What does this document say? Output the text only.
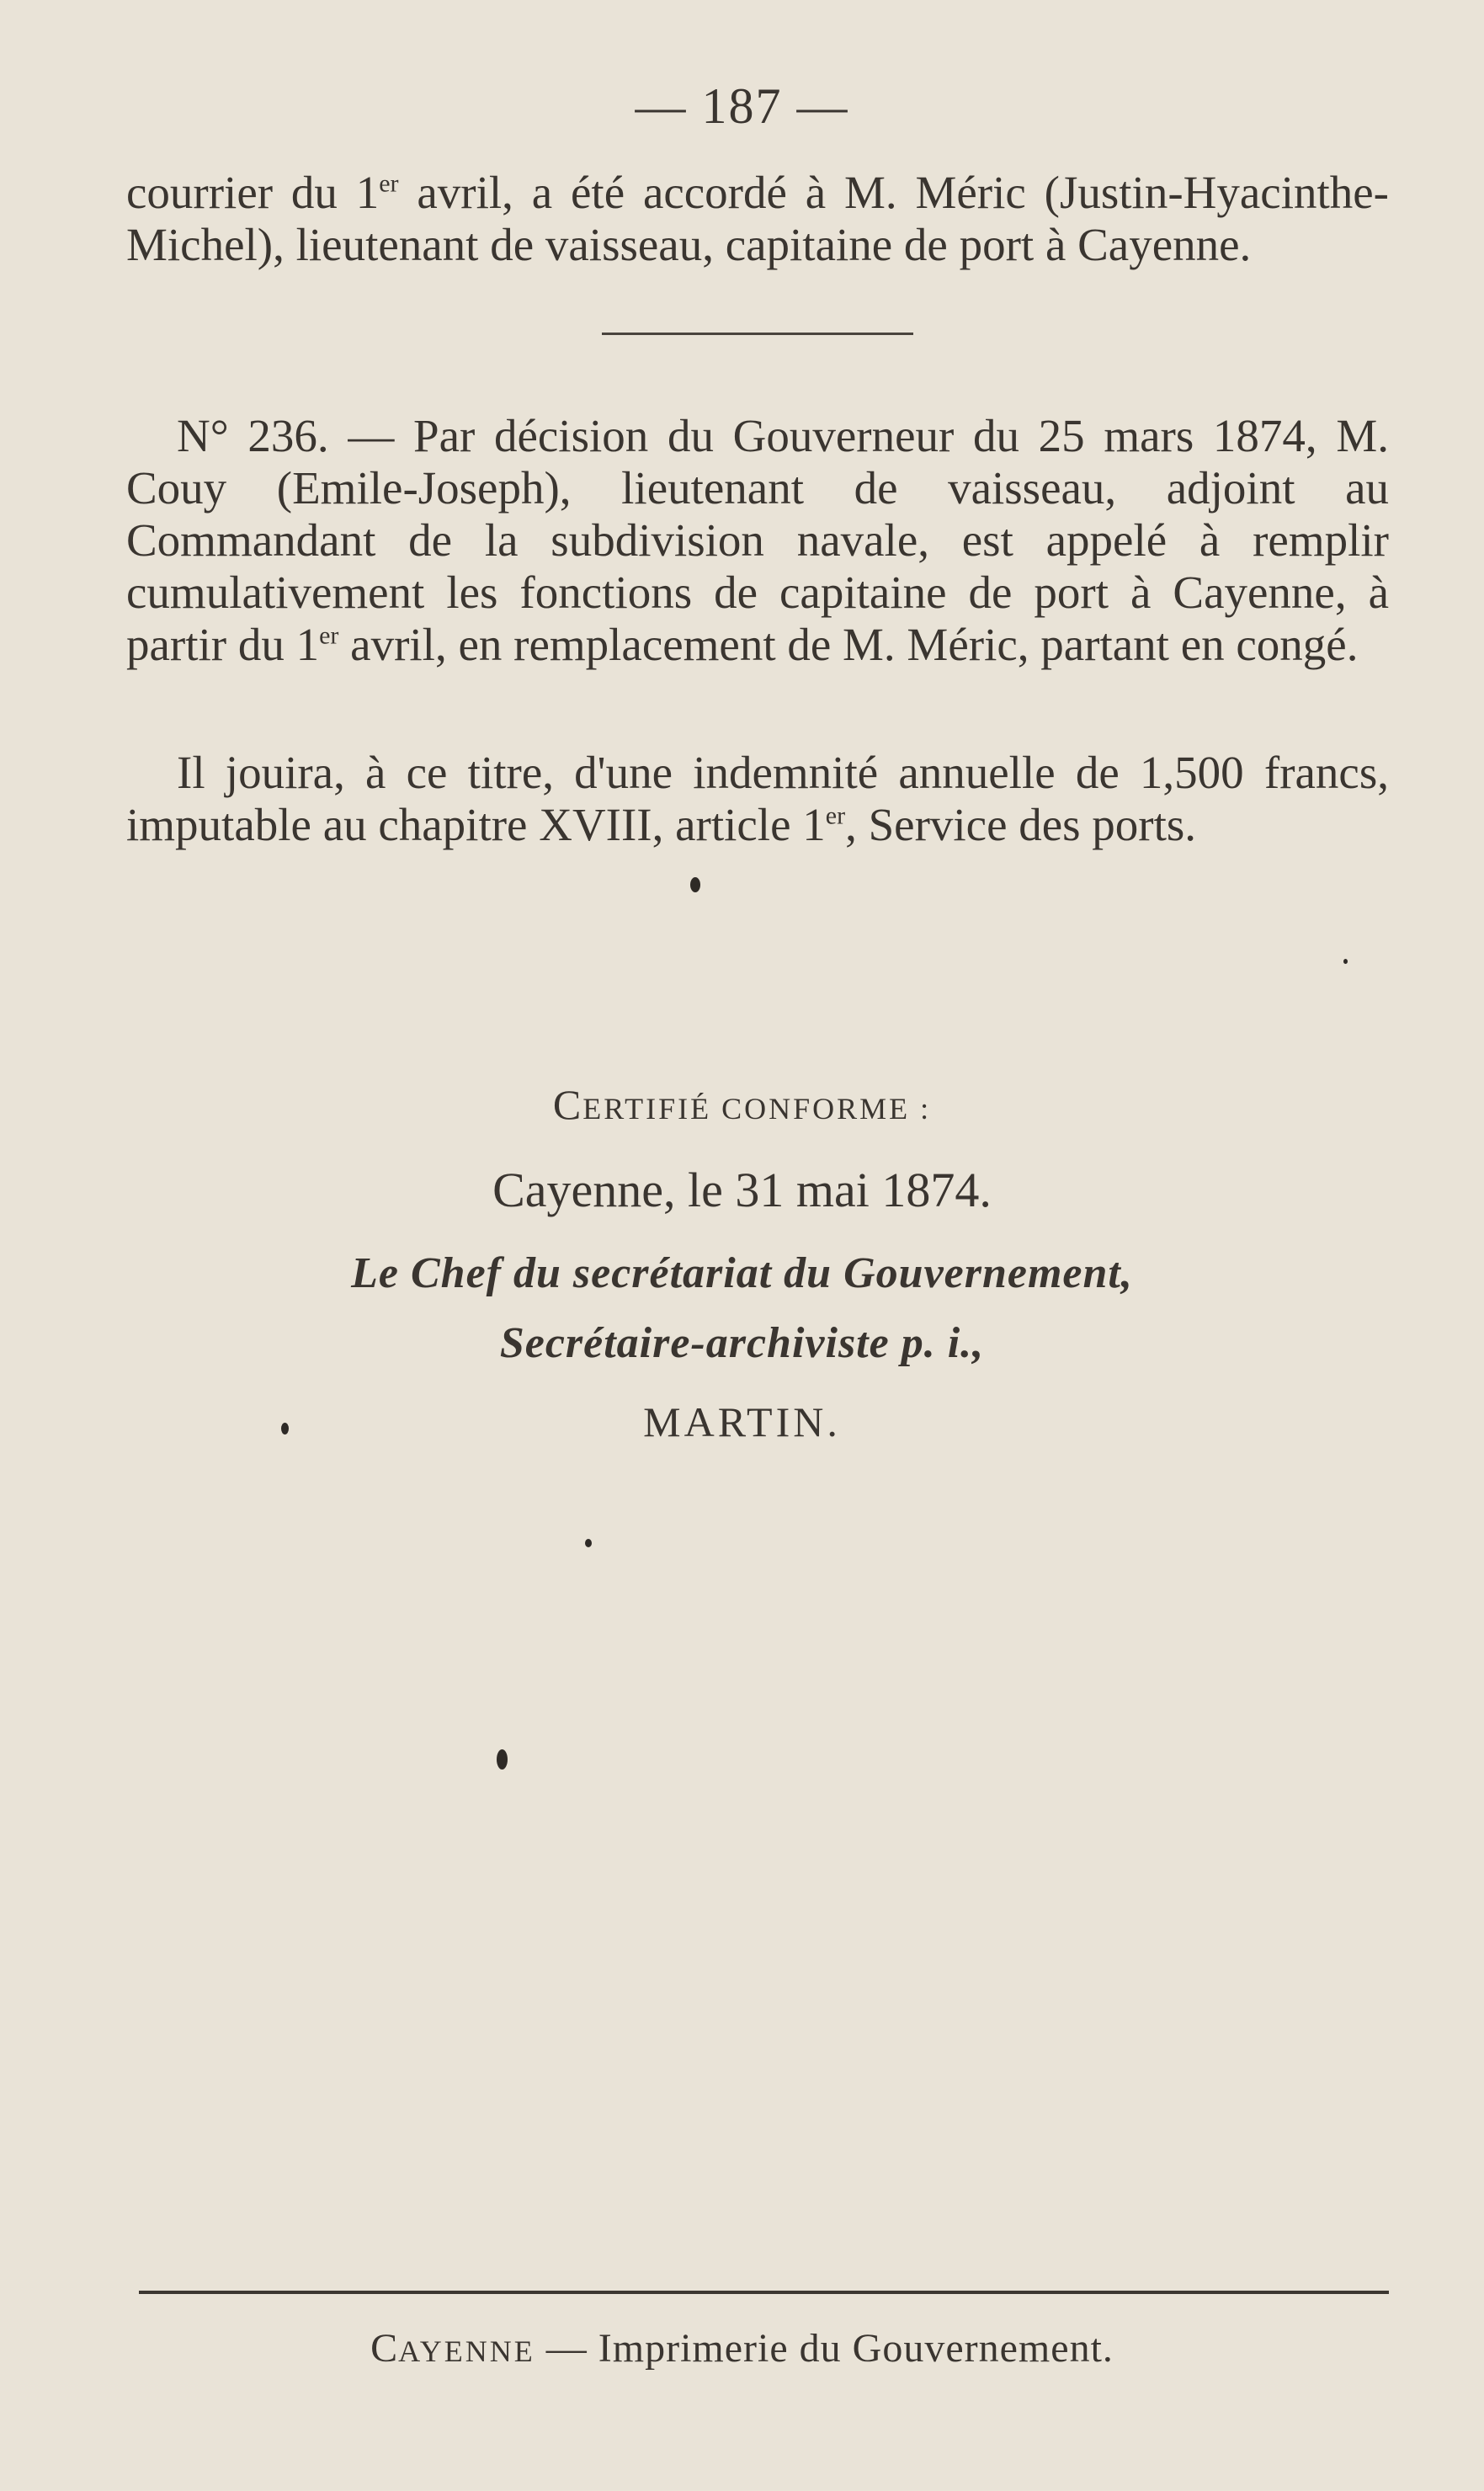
— 187 —
courrier du 1er avril, a été accordé à M. Méric (Justin-Hyacinthe-Michel), lieutenant de vaisseau, capitaine de port à Cayenne.
N° 236. — Par décision du Gouverneur du 25 mars 1874, M. Couy (Emile-Joseph), lieutenant de vaisseau, adjoint au Commandant de la subdivision navale, est appelé à remplir cumulativement les fonctions de capitaine de port à Cayenne, à partir du 1er avril, en remplacement de M. Méric, partant en congé.
Il jouira, à ce titre, d'une indemnité annuelle de 1,500 francs, imputable au chapitre XVIII, article 1er, Service des ports.
CERTIFIÉ CONFORME :
Cayenne, le 31 mai 1874.
Le Chef du secrétariat du Gouvernement,
Secrétaire-archiviste p. i.,
MARTIN.
CAYENNE — Imprimerie du Gouvernement.
